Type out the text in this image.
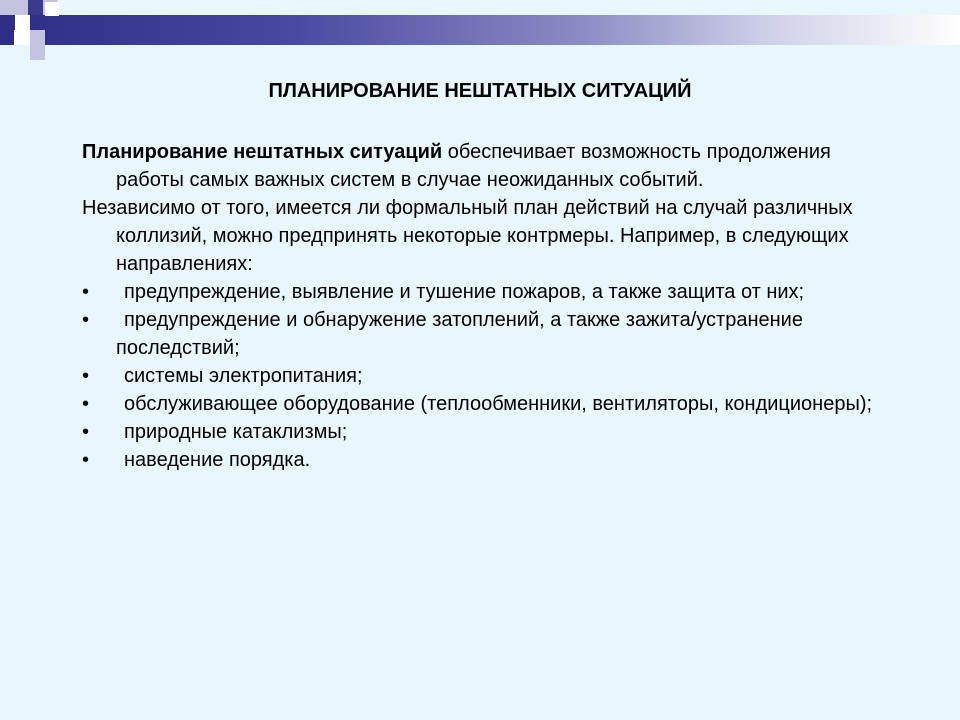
ПЛАНИРОВАНИЕ НЕШТАТНЫХ СИТУАЦИЙ

Планирование нештатных ситуаций обеспечивает возможность продолжения работы самых важных систем в случае неожиданных событий.

Независимо от того, имеется ли формальный план действий на случай различных коллизий, можно предпринять некоторые контрмеры. Например, в следующих направлениях:

• предупреждение, выявление и тушение пожаров, а также защита от них;

• предупреждение и обнаружение затоплений, а также зажита/устранение последствий;

• системы электропитания;

• обслуживающее оборудование (теплообменники, вентиляторы, кондиционеры);

• природные катаклизмы;

• наведение порядка.
